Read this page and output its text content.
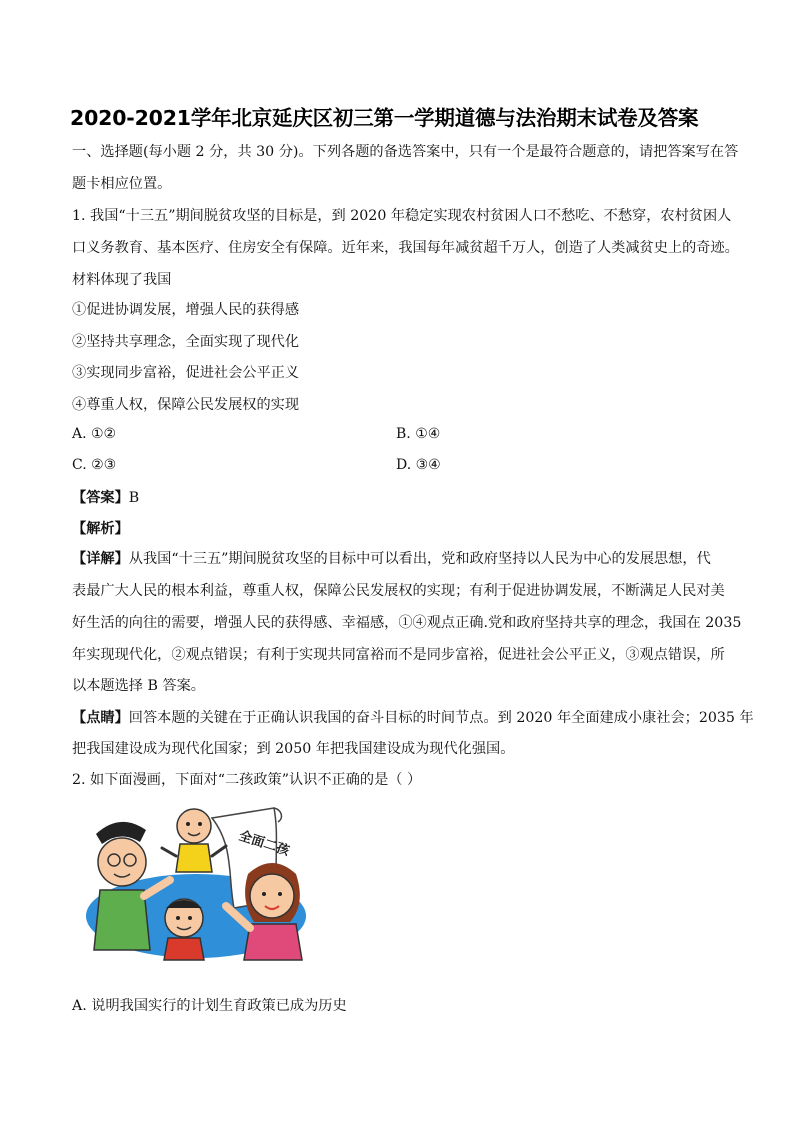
2020-2021学年北京延庆区初三第一学期道德与法治期末试卷及答案
一、选择题(每小题 2 分，共 30 分)。下列各题的备选答案中，只有一个是最符合题意的，请把答案写在答
题卡相应位置。
1. 我国“十三五”期间脱贫攻坚的目标是，到 2020 年稳定实现农村贫困人口不愁吃、不愁穿，农村贫困人
口义务教育、基本医疗、住房安全有保障。近年来，我国每年减贫超千万人，创造了人类减贫史上的奇迹。
材料体现了我国
①促进协调发展，增强人民的获得感
②坚持共享理念，全面实现了现代化
③实现同步富裕，促进社会公平正义
④尊重人权，保障公民发展权的实现
A. ①②	B. ①④
C. ②③	D. ③④
【答案】B
【解析】
【详解】从我国“十三五”期间脱贫攻坚的目标中可以看出，党和政府坚持以人民为中心的发展思想，代
表最广大人民的根本利益，尊重人权，保障公民发展权的实现；有利于促进协调发展，不断满足人民对美
好生活的向往的需要，增强人民的获得感、幸福感，①④观点正确.党和政府坚持共享的理念，我国在 2035
年实现现代化，②观点错误；有利于实现共同富裕而不是同步富裕，促进社会公平正义，③观点错误，所
以本题选择 B 答案。
【点睛】回答本题的关键在于正确认识我国的奋斗目标的时间节点。到 2020 年全面建成小康社会；2035 年
把我国建设成为现代化国家；到 2050 年把我国建设成为现代化强国。
2. 如下面漫画，下面对“二孩政策”认识不正确的是（ ）
全面二孩
A. 说明我国实行的计划生育政策已成为历史
